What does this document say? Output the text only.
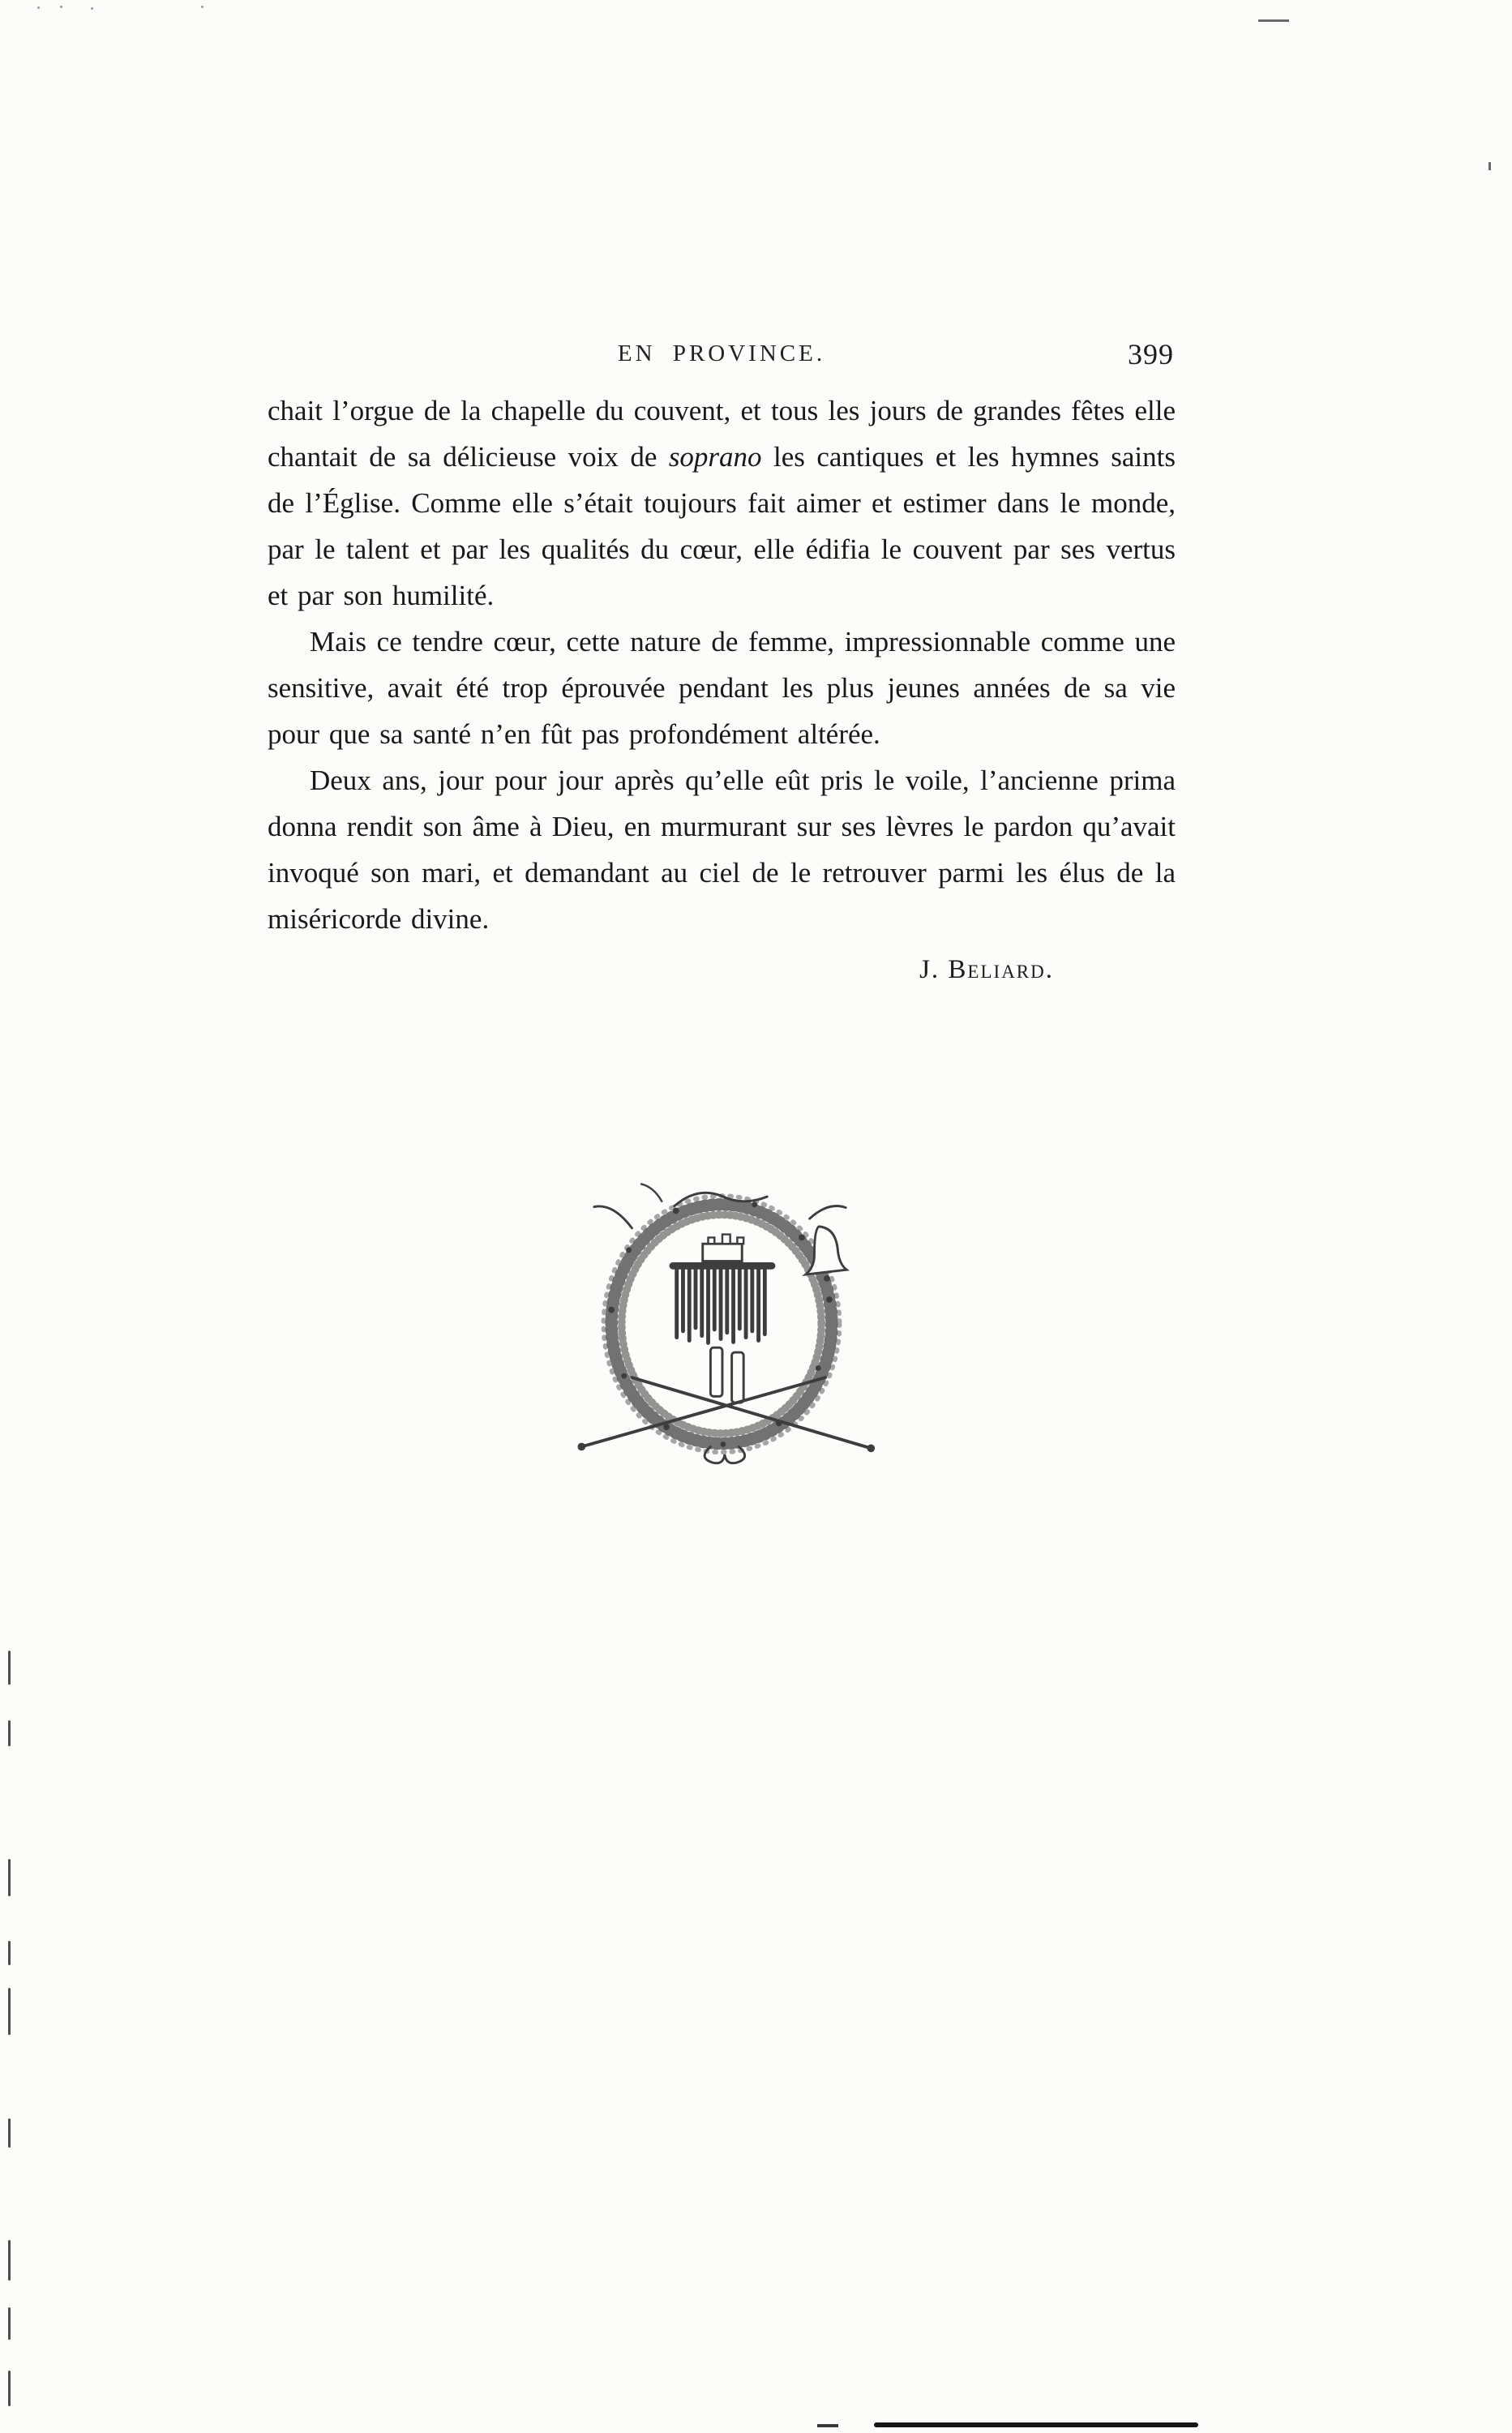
EN PROVINCE.	399

chait l’orgue de la chapelle du couvent, et tous les jours de grandes fêtes elle chantait de sa délicieuse voix de soprano les cantiques et les hymnes saints de l’Église. Comme elle s’était toujours fait aimer et estimer dans le monde, par le talent et par les qualités du cœur, elle édifia le couvent par ses vertus et par son humilité.

Mais ce tendre cœur, cette nature de femme, impressionnable comme une sensitive, avait été trop éprouvée pendant les plus jeunes années de sa vie pour que sa santé n’en fût pas profondément altérée.

Deux ans, jour pour jour après qu’elle eût pris le voile, l’ancienne prima donna rendit son âme à Dieu, en murmurant sur ses lèvres le pardon qu’avait invoqué son mari, et demandant au ciel de le retrouver parmi les élus de la miséricorde divine.

J. Beliard.
